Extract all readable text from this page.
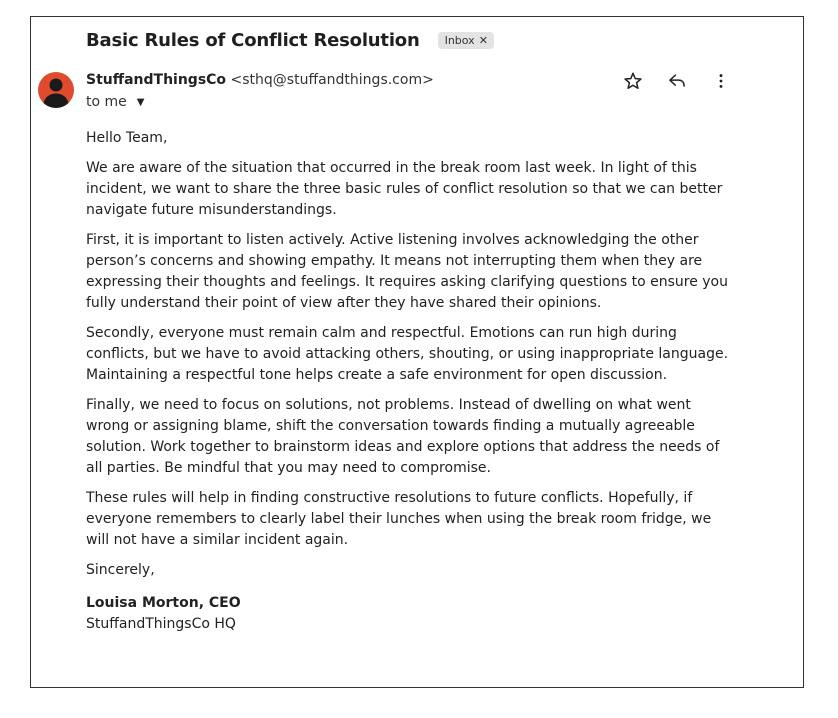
Basic Rules of Conflict Resolution Inbox ✕
StuffandThingsCo <sthq@stuffandthings.com>
to me ▼

Hello Team,

We are aware of the situation that occurred in the break room last week. In light of this incident, we want to share the three basic rules of conflict resolution so that we can better navigate future misunderstandings.

First, it is important to listen actively. Active listening involves acknowledging the other person’s concerns and showing empathy. It means not interrupting them when they are expressing their thoughts and feelings. It requires asking clarifying questions to ensure you fully understand their point of view after they have shared their opinions.

Secondly, everyone must remain calm and respectful. Emotions can run high during conflicts, but we have to avoid attacking others, shouting, or using inappropriate language. Maintaining a respectful tone helps create a safe environment for open discussion.

Finally, we need to focus on solutions, not problems. Instead of dwelling on what went wrong or assigning blame, shift the conversation towards finding a mutually agreeable solution. Work together to brainstorm ideas and explore options that address the needs of all parties. Be mindful that you may need to compromise.

These rules will help in finding constructive resolutions to future conflicts. Hopefully, if everyone remembers to clearly label their lunches when using the break room fridge, we will not have a similar incident again.

Sincerely,

Louisa Morton, CEO
StuffandThingsCo HQ
